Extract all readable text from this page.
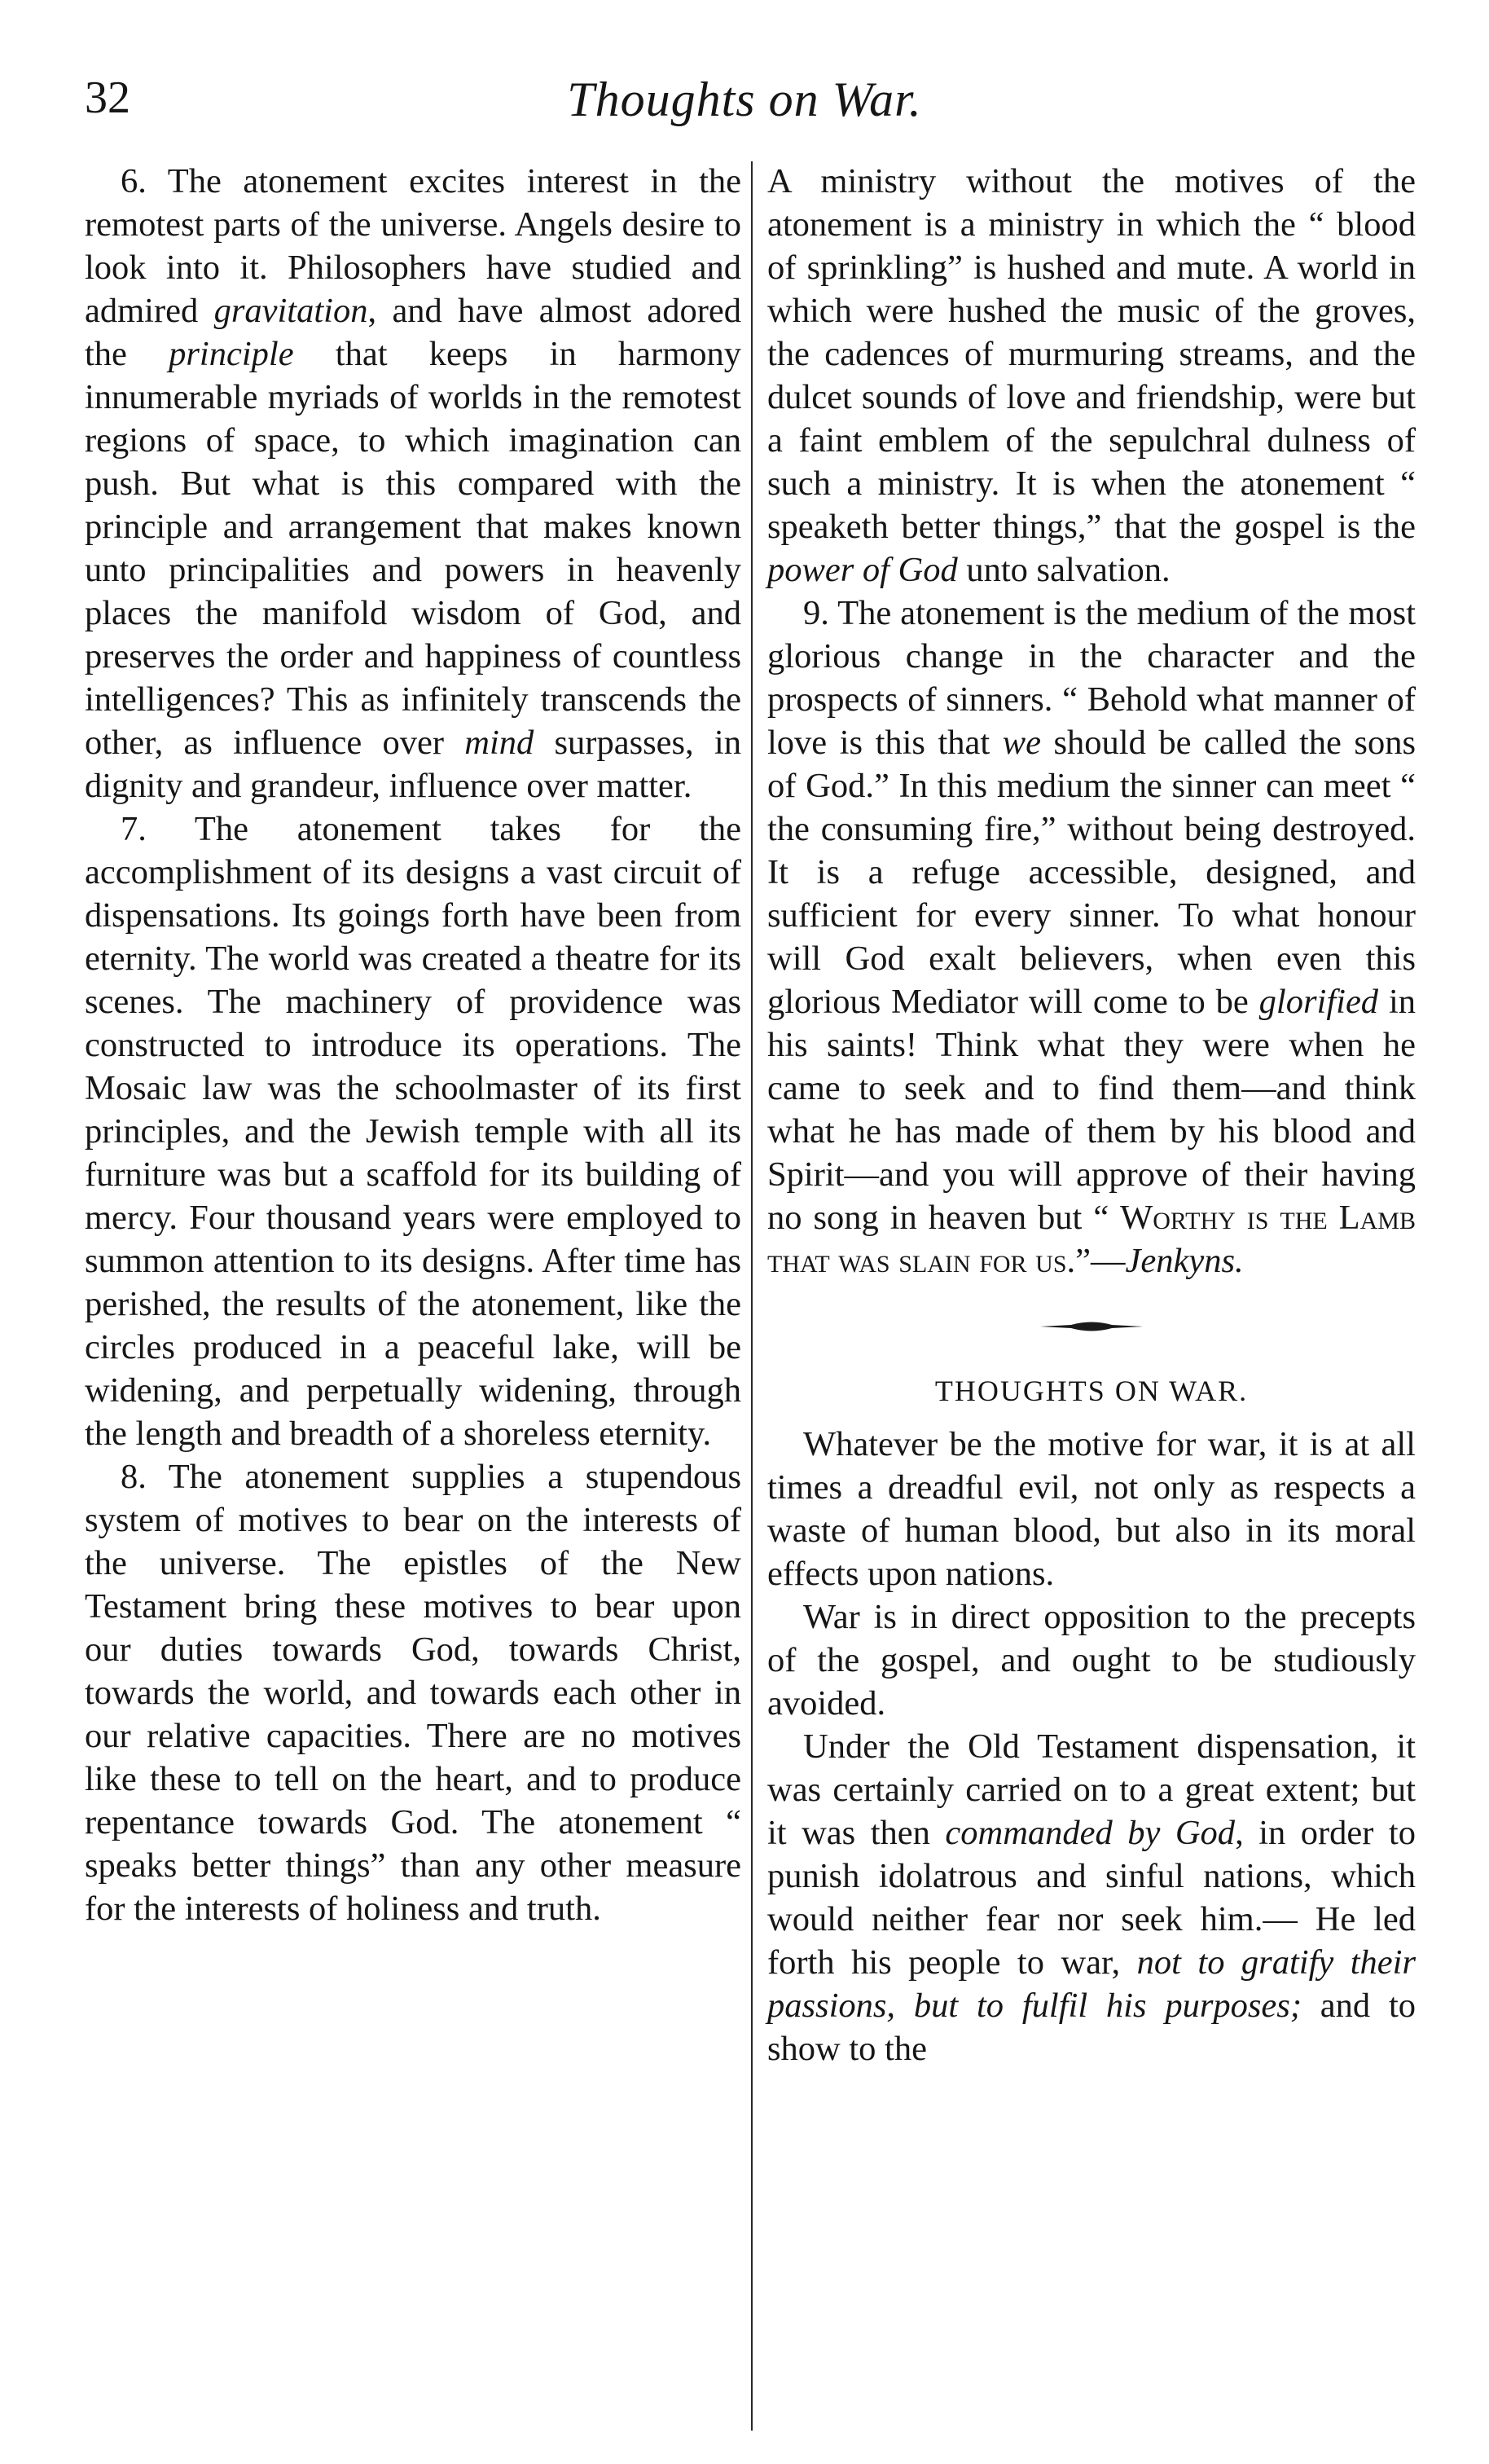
32	Thoughts on War.

6. The atonement excites interest in the remotest parts of the universe. Angels desire to look into it. Philosophers have studied and admired gravitation, and have almost adored the principle that keeps in harmony innumerable myriads of worlds in the remotest regions of space, to which imagination can push. But what is this compared with the principle and arrangement that makes known unto principalities and powers in heavenly places the manifold wisdom of God, and preserves the order and happiness of countless intelligences? This as infinitely transcends the other, as influence over mind surpasses, in dignity and grandeur, influence over matter.

7. The atonement takes for the accomplishment of its designs a vast circuit of dispensations. Its goings forth have been from eternity. The world was created a theatre for its scenes. The machinery of providence was constructed to introduce its operations. The Mosaic law was the schoolmaster of its first principles, and the Jewish temple with all its furniture was but a scaffold for its building of mercy. Four thousand years were employed to summon attention to its designs. After time has perished, the results of the atonement, like the circles produced in a peaceful lake, will be widening, and perpetually widening, through the length and breadth of a shoreless eternity.

8. The atonement supplies a stupendous system of motives to bear on the interests of the universe. The epistles of the New Testament bring these motives to bear upon our duties towards God, towards Christ, towards the world, and towards each other in our relative capacities. There are no motives like these to tell on the heart, and to produce repentance towards God. The atonement “ speaks better things” than any other measure for the interests of holiness and truth.

A ministry without the motives of the atonement is a ministry in which the “ blood of sprinkling” is hushed and mute. A world in which were hushed the music of the groves, the cadences of murmuring streams, and the dulcet sounds of love and friendship, were but a faint emblem of the sepulchral dulness of such a ministry. It is when the atonement “ speaketh better things,” that the gospel is the power of God unto salvation.

9. The atonement is the medium of the most glorious change in the character and the prospects of sinners. “ Behold what manner of love is this that we should be called the sons of God.” In this medium the sinner can meet “ the consuming fire,” without being destroyed. It is a refuge accessible, designed, and sufficient for every sinner. To what honour will God exalt believers, when even this glorious Mediator will come to be glorified in his saints! Think what they were when he came to seek and to find them—and think what he has made of them by his blood and Spirit—and you will approve of their having no song in heaven but “ Worthy is the Lamb that was slain for us.”—Jenkyns.

THOUGHTS ON WAR.

Whatever be the motive for war, it is at all times a dreadful evil, not only as respects a waste of human blood, but also in its moral effects upon nations.

War is in direct opposition to the precepts of the gospel, and ought to be studiously avoided.

Under the Old Testament dispensation, it was certainly carried on to a great extent; but it was then commanded by God, in order to punish idolatrous and sinful nations, which would neither fear nor seek him.— He led forth his people to war, not to gratify their passions, but to fulfil his purposes; and to show to the
